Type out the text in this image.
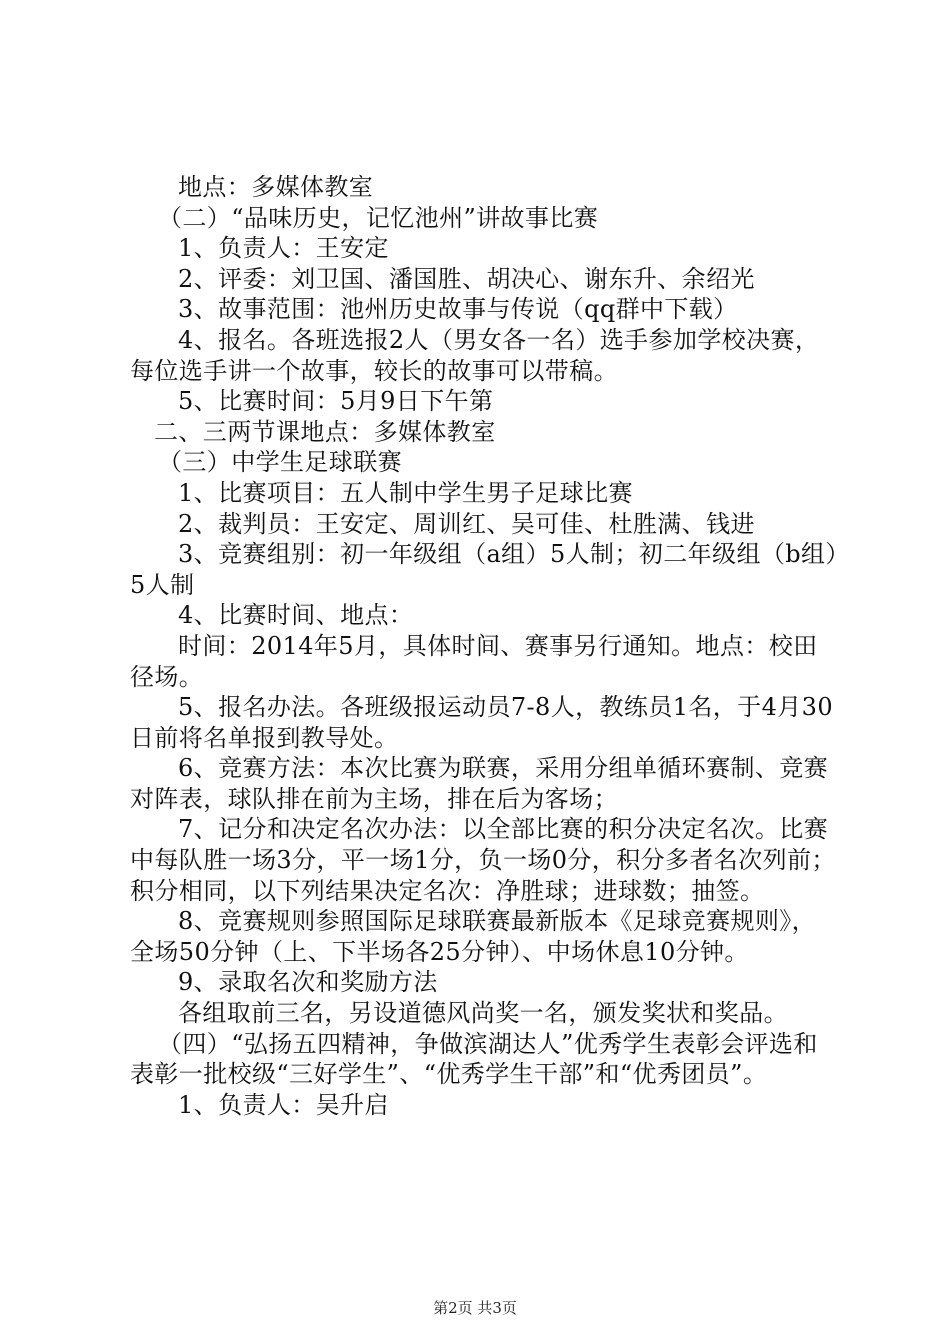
地点：多媒体教室

（二）“品味历史，记忆池州”讲故事比赛

1、负责人：王安定

2、评委：刘卫国、潘国胜、胡决心、谢东升、余绍光

3、故事范围：池州历史故事与传说（qq群中下载）

4、报名。各班选报2人（男女各一名）选手参加学校决赛，每位选手讲一个故事，较长的故事可以带稿。

5、比赛时间：5月9日下午第

二、三两节课地点：多媒体教室

（三）中学生足球联赛

1、比赛项目：五人制中学生男子足球比赛

2、裁判员：王安定、周训红、吴可佳、杜胜满、钱进

3、竞赛组别：初一年级组（a组）5人制；初二年级组（b组）5人制

4、比赛时间、地点：

时间：2014年5月，具体时间、赛事另行通知。地点：校田径场。

5、报名办法。各班级报运动员7-8人，教练员1名，于4月30日前将名单报到教导处。

6、竞赛方法：本次比赛为联赛，采用分组单循环赛制、竞赛对阵表，球队排在前为主场，排在后为客场；

7、记分和决定名次办法：以全部比赛的积分决定名次。比赛中每队胜一场3分，平一场1分，负一场0分，积分多者名次列前；积分相同，以下列结果决定名次：净胜球；进球数；抽签。

8、竞赛规则参照国际足球联赛最新版本《足球竞赛规则》，全场50分钟（上、下半场各25分钟）、中场休息10分钟。

9、录取名次和奖励方法

各组取前三名，另设道德风尚奖一名，颁发奖状和奖品。

（四）“弘扬五四精神，争做滨湖达人”优秀学生表彰会评选和表彰一批校级“三好学生”、“优秀学生干部”和“优秀团员”。

1、负责人：吴升启

第2页 共3页
